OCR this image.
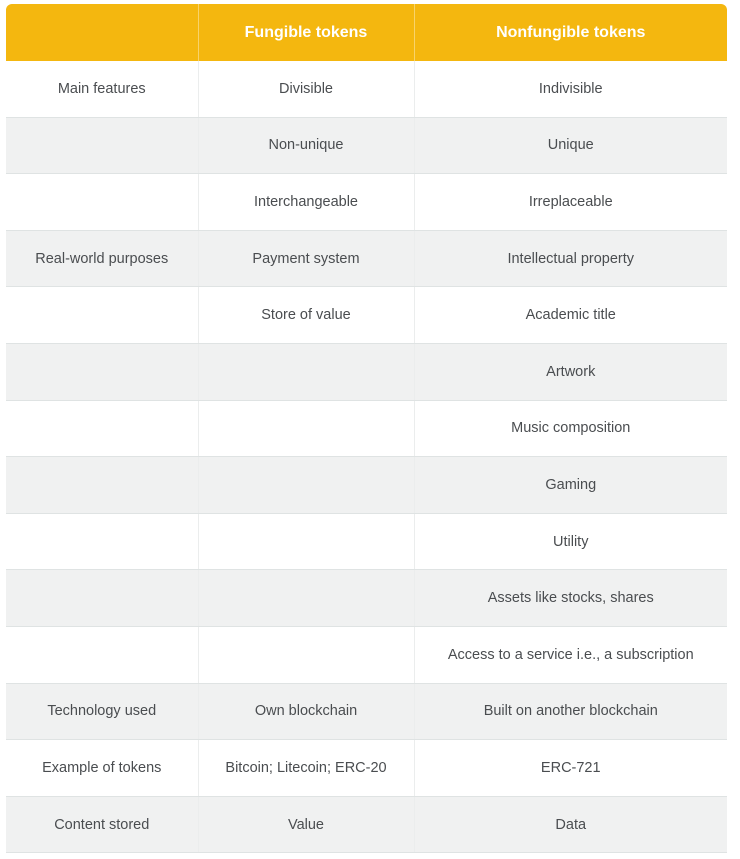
	Fungible tokens	Nonfungible tokens
Main features	Divisible	Indivisible
	Non-unique	Unique
	Interchangeable	Irreplaceable
Real-world purposes	Payment system	Intellectual property
	Store of value	Academic title
		Artwork
		Music composition
		Gaming
		Utility
		Assets like stocks, shares
		Access to a service i.e., a subscription
Technology used	Own blockchain	Built on another blockchain
Example of tokens	Bitcoin; Litecoin; ERC-20	ERC-721
Content stored	Value	Data
